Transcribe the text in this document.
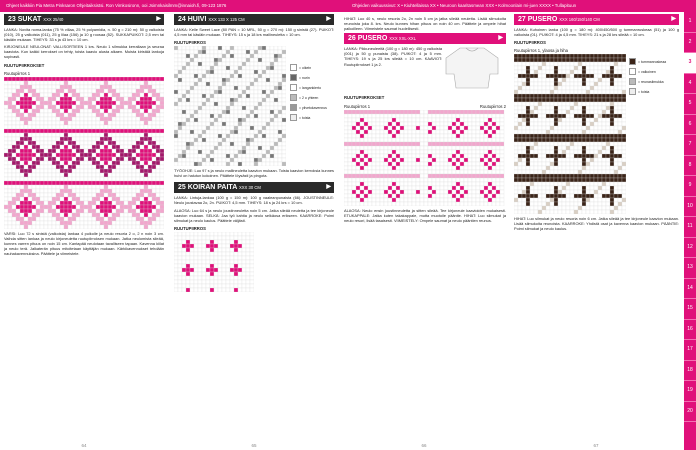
Ohjeet kaikkiin Pia Metra Pinksaron Ohjeitaiksistsi. Ron Vimkosironn, ooi Jsimnkaisilmm@innaioh.fi, 09-123 1876	Ohjeiden vaikuussivut: X • Kiuhtellaissa XX • Neuroon kaaritasmean XXX • Kolmoonlain mi-juen XXXX • Tullapituun
1
2
3
4
5
6
7
8
9
10
11
12
13
14
15
16
17
18
19
20
23 SUKAT XXX 25/40	▶

LANKA: Novita noma-lanka (75 % villaa, 25 % polyamidia, n. 50 g = 210 m): 50 g valkoista (010), 25 g valkoista (011), 25 g lilaa (156) ja 10 g roosaa (52). SUKKAPUIKOT: 2,5 mm tai käsiäin mukaan. TIHEYS: 33 s ja 43 krs = 10 cm.

KIRJONEULE NEULONAT: VALLISORTIEEN 1 krs. Neulo 1 silmukka kerrallaan ja seuraa kaaviota. Kun kaikki kerrokset on tehty, toista kaavio alusta alkaen. Muista kiristää lankoja sopivasti.

RUUTUPIIRROKSET
Ruutupiirros 1

VARSI: Luo 72 s sinistä (valkoista) lankaa 4 puikolle ja neulo resoria 2 o, 2 n noin 3 cm. Vaihda sitten lankaa ja neulo kirjoneuletta ruutupiirroksen mukaan. Jatka neulomista sileää, kunnes varren pituus on noin 15 cm. Kantapää neulotaan tavalliseen tapaan. Kavenna kiilat ja neulo terä. Jalkaterän pituus mitoitetaan käyttäjän mukaan. Kärkikavennukset tehdään nauhakavennuksina. Päättele ja viimeistele.

24 HUIVI XXX 133 X 125 CM	▶

LANKA: Kelle Sweet Lace (80 PAN = 10 MRL, 50 g = 270 m): 150 g sinistä (27). PUIKOT: 4,5 mm tai käsiäin mukaan. TIHEYS: 15 s ja 18 krs mallineuletta = 10 cm.

RUUTUPIIRROS
= oikein
= nurin
= langankierto
= 2 o yhteen
= ylivetokavennus
= toista

TYÖOHJE: Luo 97 s ja neulo mallineuletta kaavion mukaan. Toista kaavion kerroksia kunnes huivi on halutun kokoinen. Päättele löysästi ja pingota.

25 KOIRAN PAITA XXX 30 CM	▶

LANKA: Lintuja-lankaa (100 g = 150 m): 100 g vaaleanpunaista (66). JOUSTINNEULE: Neulo joustavaa 2o, 2n. PUIKOT: 4,5 mm. TIHEYS: 18 s ja 24 krs = 10 cm.

ALAOSA: Luo 64 s ja neulo joustinneuletta noin 5 cm. Jatka sileää neuletta ja tee kirjoneule kaavion mukaan. SELKÄ: Jaa työ kahtia ja neulo selkäosa erikseen. KAARROKE: Poimi silmukat ja neulo kaulus. Päättele väljästi.

RUUTUPIIRROS

HIHAT: Luo 40 s, neulo resoria 2o, 2n noin 5 cm ja jatka sileää neuletta. Lisää silmukoita reunoista joka 8. krs. Neulo kunnes hihan pituus on noin 40 cm. Päättele ja ompele hihat paikoilleen. Viimeistele saumat huolellisesti.

26 PUSERO XXX XXL-XXL	▶

LANKA: Pikkuneuleeitä (100 g = 180 m): 450 g valkoista (001) ja 50 g punaista (38). PUIKOT: 4 ja 5 mm. TIHEYS: 19 s ja 25 krs sileää = 10 cm. KAAVIOT: Ruutupiirrokset 1 ja 2.

RUUTUPIIRROKSET
Ruutupiirros 1	Ruutupiirros 2

ALAOSA: Neulo ensin joustinneuletta ja sitten sileää. Tee kirjoneule kaavioiden mukaisesti. ETUKAPPALE: Jatka kuten takakappale, mutta muotoile pääntie. HIHAT: Luo silmukat ja neulo resori, lisää tasaisesti. VIIMEISTELY: Ompele saumat ja neulo pääntien reunus.

27 PUSERO XXX 160/150/140 CM	▶

LANKA: Kuhoinen lanka (100 g = 180 m): 400/450/500 g tummanruskeaa (51) ja 100 g valkoista (01). PUIKOT: 4 ja 4,5 mm. TIHEYS: 21 s ja 28 krs sileää = 10 cm.

RUUTUPIIRROS
Ruutupiirros 1, ylaosa ja hiha
= tummanruskeaa
= valkoinen
= reunasilmukka
= toista

HIHAT: Luo silmukat ja neulo resoria noin 6 cm. Jatka sileää ja tee kirjoneule kaavion mukaan. Lisää silmukoita reunoista. KAARROKE: Yhdistä osat ja kavenna kaavion mukaan. PÄÄNTIE: Poimi silmukat ja neulo kaulus.

64	65	66	67
